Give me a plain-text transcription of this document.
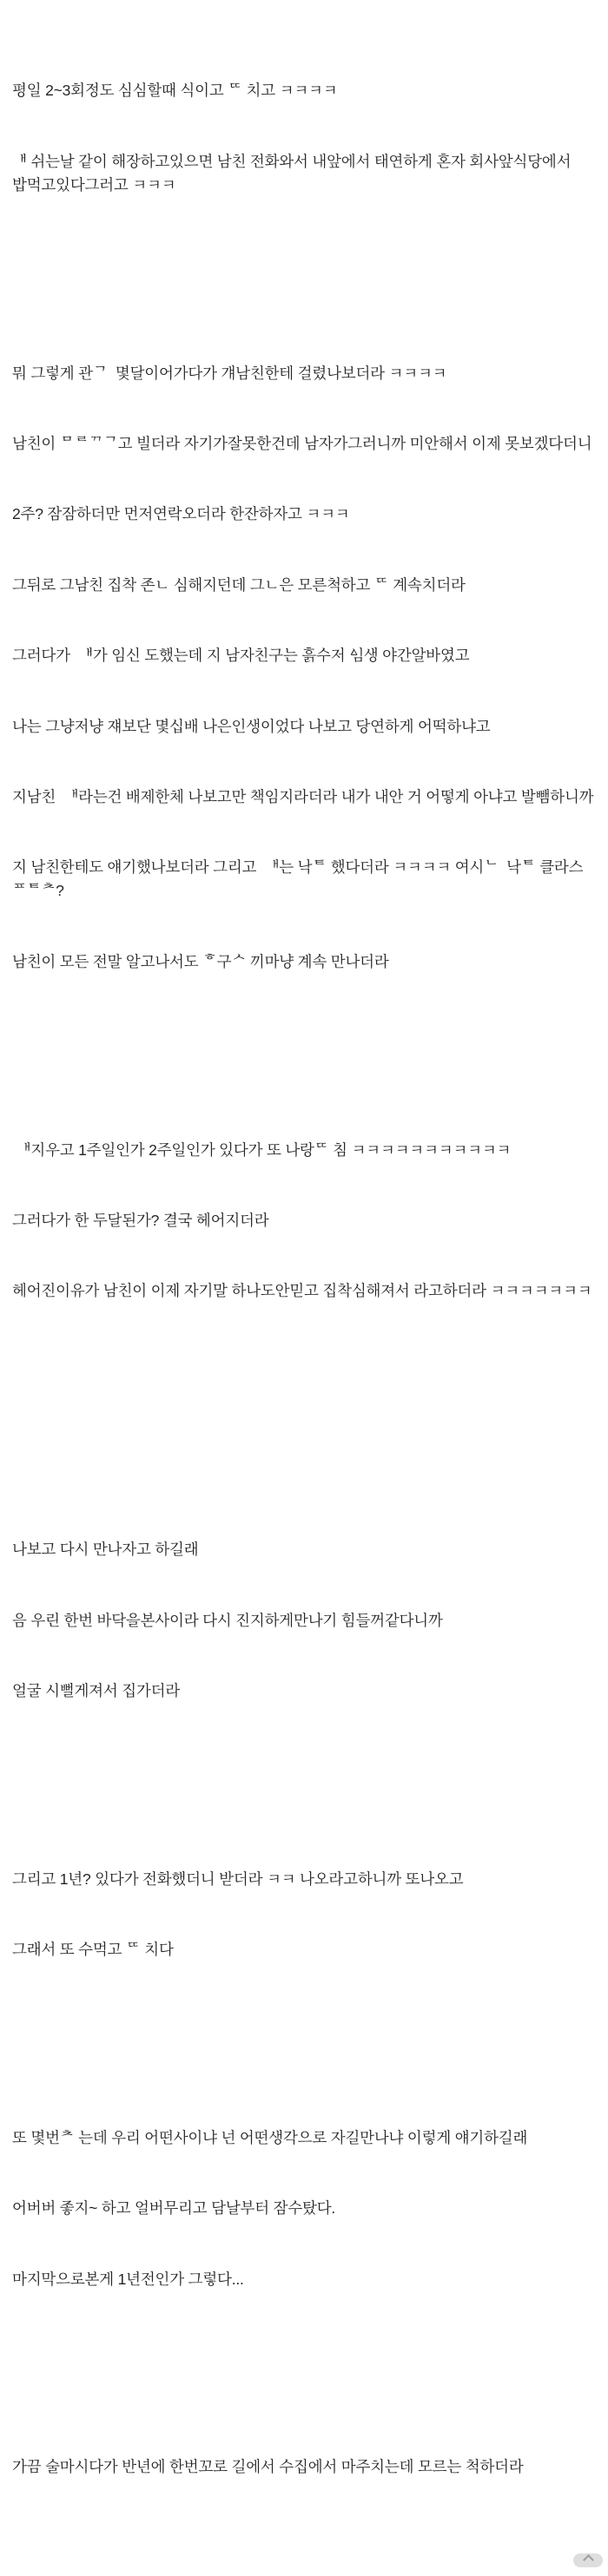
평일 2~3회정도 심심할때 식이고 ᄄ 치고 ㅋㅋㅋㅋ

ᅢ 쉬는날 같이 해장하고있으면 남친 전화와서 내앞에서 태연하게 혼자 회사앞식당에서 밥먹고있다그러고 ㅋㅋㅋ

뭐 그렇게 관ᄀ  몇달이어가다가 걔남친한테 걸렸나보더라 ㅋㅋㅋㅋ

남친이 ᄆᄅᄁᄀ고 빌더라 자기가잘못한건데 남자가그러니까 미안해서 이제 못보겠다더니

2주? 잠잠하더만 먼저연락오더라 한잔하자고 ㅋㅋㅋ

그뒤로 그남친 집착 존ㄴ 심해지던데 그ㄴ은 모른척하고 ᄄ 계속치더라

그러다가  ᅢ가 임신 도했는데 지 남자친구는 흙수저 ᅀᅵᆷ생 야간알바였고

나는 그냥저냥 쟤보단 몇십배 나은인생이었다 나보고 당연하게 어떡하냐고

지남친  ᅢ라는건 배제한체 나보고만 책임지라더라 내가 내안 거 어떻게 아냐고 발뺌하니까

지 남친한테도 얘기했나보더라 그리고  ᅢ는 낙ᄐ 했다더라 ㅋㅋㅋㅋ 여시ᄂ  낙ᄐ 클라스 ᄑᄐᄎ?

남친이 모든 전말 알고나서도 ᄒ구ᄉ 끼마냥 계속 만나더라

ᅢ지우고 1주일인가 2주일인가 있다가 또 나랑ᄄ 침 ㅋㅋㅋㅋㅋㅋㅋㅋㅋㅋㅋ

그러다가 한 두달된가? 결국 헤어지더라

헤어진이유가 남친이 이제 자기말 하나도안믿고 집착심해져서 라고하더라 ㅋㅋㅋㅋㅋㅋㅋ

나보고 다시 만나자고 하길래

음 우린 한번 바닥을본사이라 다시 진지하게만나기 힘들꺼같다니까

얼굴 시뻘게져서 집가더라

그리고 1년? 있다가 전화했더니 받더라 ㅋㅋ 나오라고하니까 또나오고

그래서 또 수먹고 ᄄ 치다

또 몇번ᄎ 는데 우리 어떤사이냐 넌 어떤생각으로 자길만나냐 이렇게 얘기하길래

어버버 좋지~ 하고 얼버무리고 담날부터 잠수탔다.

마지막으로본게 1년전인가 그렇다...

가끔 술마시다가 반년에 한번꼬로 길에서 수집에서 마주치는데 모르는 척하더라
